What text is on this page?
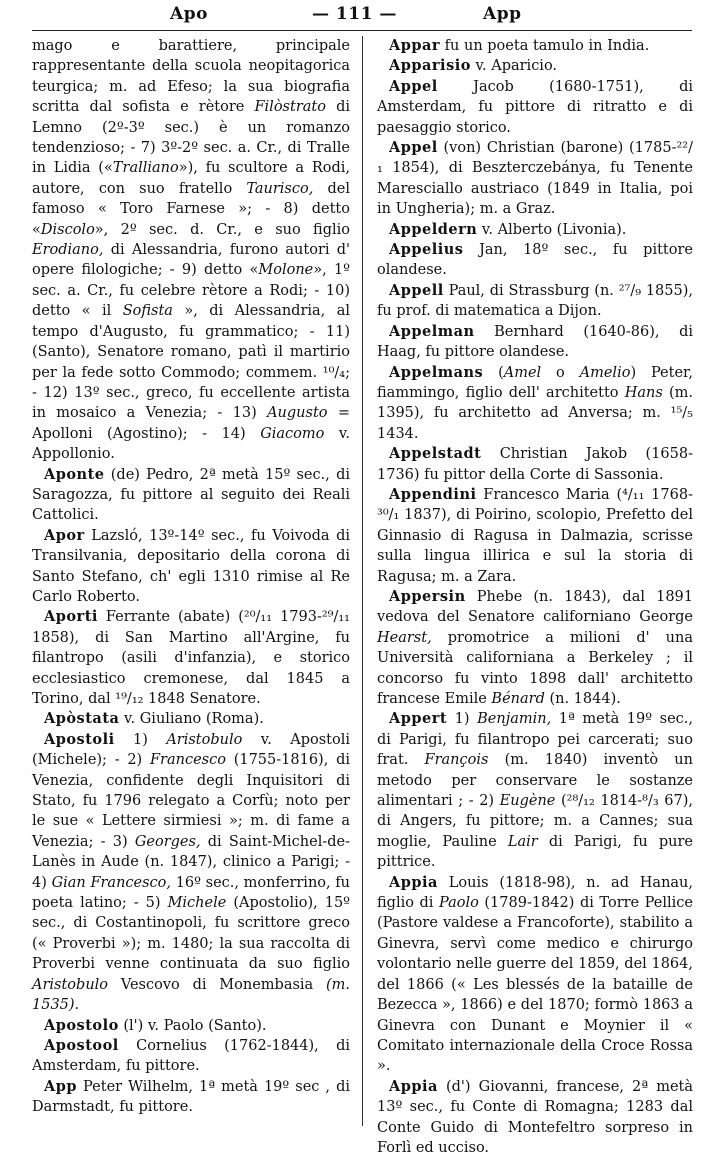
Apo	— 111 —	App

mago e barattiere, principale rappresentante della scuola neopitagorica teurgica; m. ad Efeso; la sua biografia scritta dal sofista e rètore Filòstrato di Lemno (2º-3º sec.) è un romanzo tendenzioso; - 7) 3º-2º sec. a. Cr., di Tralle in Lidia («Tralliano»), fu scultore a Rodi, autore, con suo fratello Taurisco, del famoso « Toro Farnese »; - 8) detto «Discolo», 2º sec. d. Cr., e suo figlio Erodiano, di Alessandria, furono autori d' opere filologiche; - 9) detto «Molone», 1º sec. a. Cr., fu celebre rètore a Rodi; - 10) detto « il Sofista », di Alessandria, al tempo d'Augusto, fu grammatico; - 11) (Santo), Senatore romano, patì il martirio per la fede sotto Commodo; commem. ¹⁰/₄; - 12) 13º sec., greco, fu eccellente artista in mosaico a Venezia; - 13) Augusto = Apolloni (Agostino); - 14) Giacomo v. Appollonio.

Aponte (de) Pedro, 2ª metà 15º sec., di Saragozza, fu pittore al seguito dei Reali Cattolici.

Apor Lazsló, 13º-14º sec., fu Voivoda di Transilvania, depositario della corona di Santo Stefano, ch' egli 1310 rimise al Re Carlo Roberto.

Aporti Ferrante (abate) (²⁰/₁₁ 1793-²⁹/₁₁ 1858), di San Martino all'Argine, fu filantropo (asili d'infanzia), e storico ecclesiastico cremonese, dal 1845 a Torino, dal ¹⁹/₁₂ 1848 Senatore.

Apòstata v. Giuliano (Roma).

Apostoli 1) Aristobulo v. Apostoli (Michele); - 2) Francesco (1755-1816), di Venezia, confidente degli Inquisitori di Stato, fu 1796 relegato a Corfù; noto per le sue « Lettere sirmiesi »; m. di fame a Venezia; - 3) Georges, di Saint-Michel-de-Lanès in Aude (n. 1847), clinico a Parigi; - 4) Gian Francesco, 16º sec., monferrino, fu poeta latino; - 5) Michele (Apostolio), 15º sec., di Costantinopoli, fu scrittore greco (« Proverbi »); m. 1480; la sua raccolta di Proverbi venne continuata da suo figlio Aristobulo Vescovo di Monembasia (m. 1535).

Apostolo (l') v. Paolo (Santo).

Apostool Cornelius (1762-1844), di Amsterdam, fu pittore.

App Peter Wilhelm, 1ª metà 19º sec , di Darmstadt, fu pittore.

Appar fu un poeta tamulo in India.

Apparisio v. Aparicio.

Appel Jacob (1680-1751), di Amsterdam, fu pittore di ritratto e di paesaggio storico.

Appel (von) Christian (barone) (1785-²²/₁ 1854), di Beszterczebánya, fu Tenente Maresciallo austriaco (1849 in Italia, poi in Ungheria); m. a Graz.

Appeldern v. Alberto (Livonia).

Appelius Jan, 18º sec., fu pittore olandese.

Appell Paul, di Strassburg (n. ²⁷/₉ 1855), fu prof. di matematica a Dijon.

Appelman Bernhard (1640-86), di Haag, fu pittore olandese.

Appelmans (Amel o Amelio) Peter, fiammingo, figlio dell' architetto Hans (m. 1395), fu architetto ad Anversa; m. ¹⁵/₅ 1434.

Appelstadt Christian Jakob (1658-1736) fu pittor della Corte di Sassonia.

Appendini Francesco Maria (⁴/₁₁ 1768-³⁰/₁ 1837), di Poirino, scolopio, Prefetto del Ginnasio di Ragusa in Dalmazia, scrisse sulla lingua illirica e sul la storia di Ragusa; m. a Zara.

Appersin Phebe (n. 1843), dal 1891 vedova del Senatore californiano George Hearst, promotrice a milioni d' una Università californiana a Berkeley ; il concorso fu vinto 1898 dall' architetto francese Emile Bénard (n. 1844).

Appert 1) Benjamin, 1ª metà 19º sec., di Parigi, fu filantropo pei carcerati; suo frat. François (m. 1840) inventò un metodo per conservare le sostanze alimentari ; - 2) Eugène (²⁸/₁₂ 1814-⁸/₃ 67), di Angers, fu pittore; m. a Cannes; sua moglie, Pauline Lair di Parigi, fu pure pittrice.

Appia Louis (1818-98), n. ad Hanau, figlio di Paolo (1789-1842) di Torre Pellice (Pastore valdese a Francoforte), stabilito a Ginevra, servì come medico e chirurgo volontario nelle guerre del 1859, del 1864, del 1866 (« Les blessés de la bataille de Bezecca », 1866) e del 1870; formò 1863 a Ginevra con Dunant e Moynier il « Comitato internazionale della Croce Rossa ».

Appia (d') Giovanni, francese, 2ª metà 13º sec., fu Conte di Romagna; 1283 dal Conte Guido di Montefeltro sorpreso in Forlì ed ucciso.
